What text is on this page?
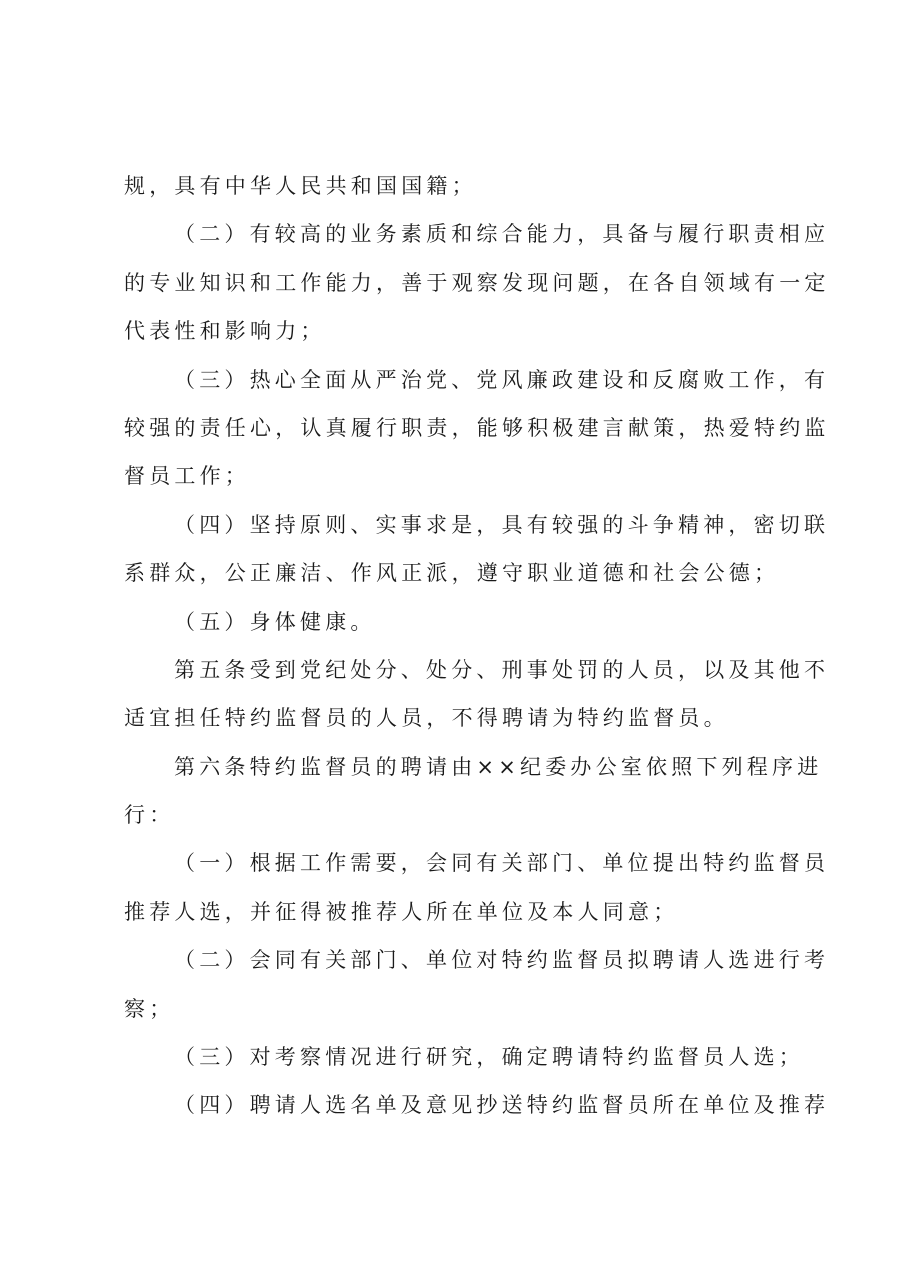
规，具有中华人民共和国国籍；
（二）有较高的业务素质和综合能力，具备与履行职责相应
的专业知识和工作能力，善于观察发现问题，在各自领域有一定
代表性和影响力；
（三）热心全面从严治党、党风廉政建设和反腐败工作，有
较强的责任心，认真履行职责，能够积极建言献策，热爱特约监
督员工作；
（四）坚持原则、实事求是，具有较强的斗争精神，密切联
系群众，公正廉洁、作风正派，遵守职业道德和社会公德；
（五）身体健康。
第五条受到党纪处分、处分、刑事处罚的人员，以及其他不
适宜担任特约监督员的人员，不得聘请为特约监督员。
第六条特约监督员的聘请由××纪委办公室依照下列程序进
行：
（一）根据工作需要，会同有关部门、单位提出特约监督员
推荐人选，并征得被推荐人所在单位及本人同意；
（二）会同有关部门、单位对特约监督员拟聘请人选进行考
察；
（三）对考察情况进行研究，确定聘请特约监督员人选；
（四）聘请人选名单及意见抄送特约监督员所在单位及推荐
